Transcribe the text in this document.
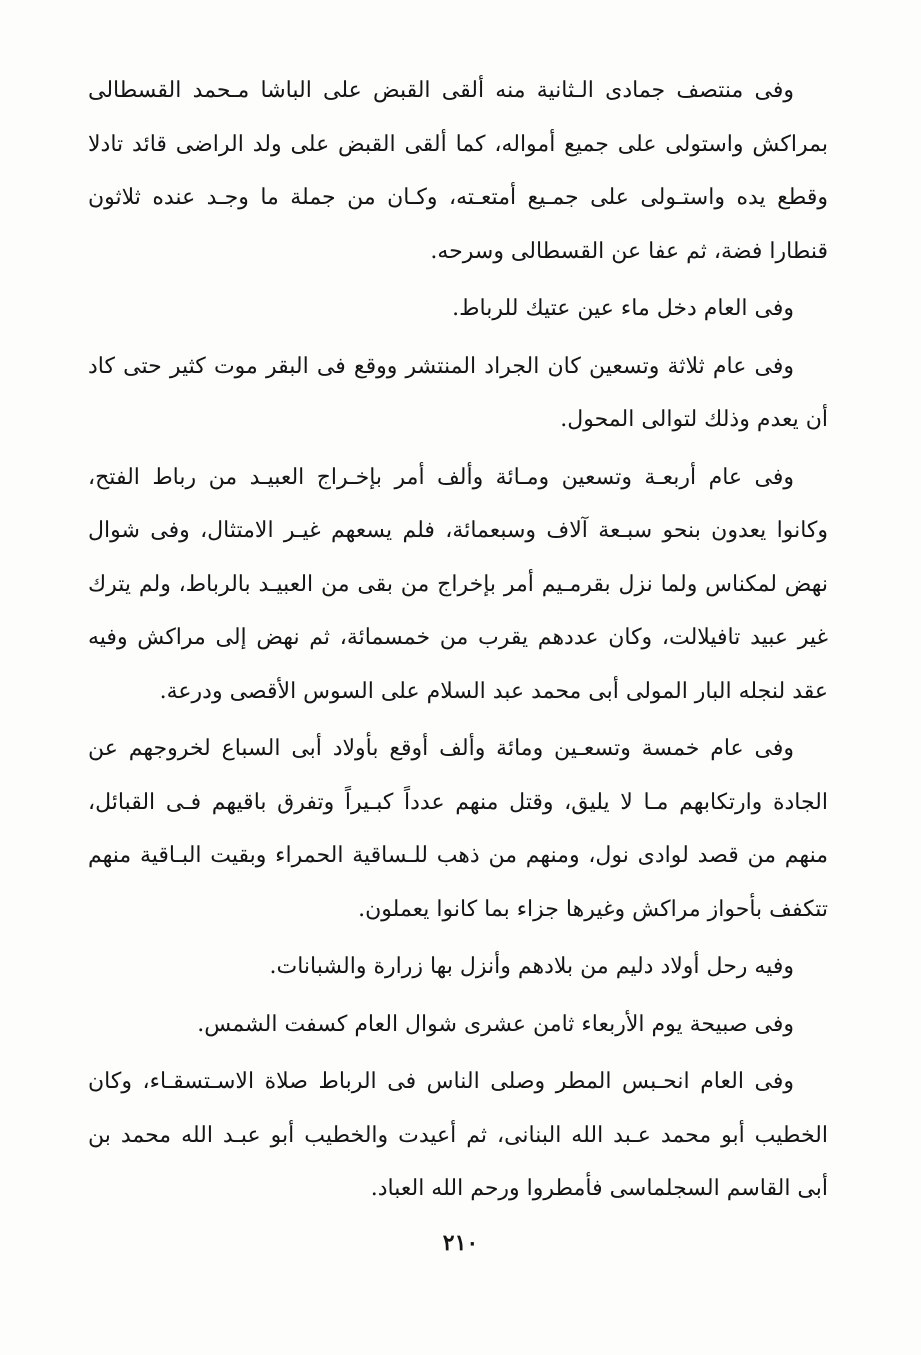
وفى منتصف جمادى الـثانية منه ألقى القبض على الباشا مـحمد القسطالى
بمراكش واستولى على جميع أمواله، كما ألقى القبض على ولد الراضى قائد تادلا
وقطع يده واستـولى على جمـيع أمتعـته، وكـان من جملة ما وجـد عنده ثلاثون
قنطارا فضة، ثم عفا عن القسطالى وسرحه.

وفى العام دخل ماء عين عتيك للرباط.

وفى عام ثلاثة وتسعين كان الجراد المنتشر ووقع فى البقر موت كثير حتى كاد
أن يعدم وذلك لتوالى المحول.

وفى عام أربعـة وتسعين ومـائة وألف أمر بإخـراج العبيـد من رباط الفتح،
وكانوا يعدون بنحو سبـعة آلاف وسبعمائة، فلم يسعهم غيـر الامتثال، وفى شوال
نهض لمكناس ولما نزل بقرمـيم أمر بإخراج من بقى من العبيـد بالرباط، ولم يترك
غير عبيد تافيلالت، وكان عددهم يقرب من خمسمائة، ثم نهض إلى مراكش وفيه
عقد لنجله البار المولى أبى محمد عبد السلام على السوس الأقصى ودرعة.

وفى عام خمسة وتسعـين ومائة وألف أوقع بأولاد أبى السباع لخروجهم عن
الجادة وارتكابهم مـا لا يليق، وقتل منهم عدداً كبـيراً وتفرق باقيهم فـى القبائل،
منهم من قصد لوادى نول، ومنهم من ذهب للـساقية الحمراء وبقيت البـاقية منهم
تتكفف بأحواز مراكش وغيرها جزاء بما كانوا يعملون.

وفيه رحل أولاد دليم من بلادهم وأنزل بها زرارة والشبانات.

وفى صبيحة يوم الأربعاء ثامن عشرى شوال العام كسفت الشمس.

وفى العام انحـبس المطر وصلى الناس فى الرباط صلاة الاسـتسقـاء، وكان
الخطيب أبو محمد عـبد الله البنانى، ثم أعيدت والخطيب أبو عبـد الله محمد بن
أبى القاسم السجلماسى فأمطروا ورحم الله العباد.

٢١٠
